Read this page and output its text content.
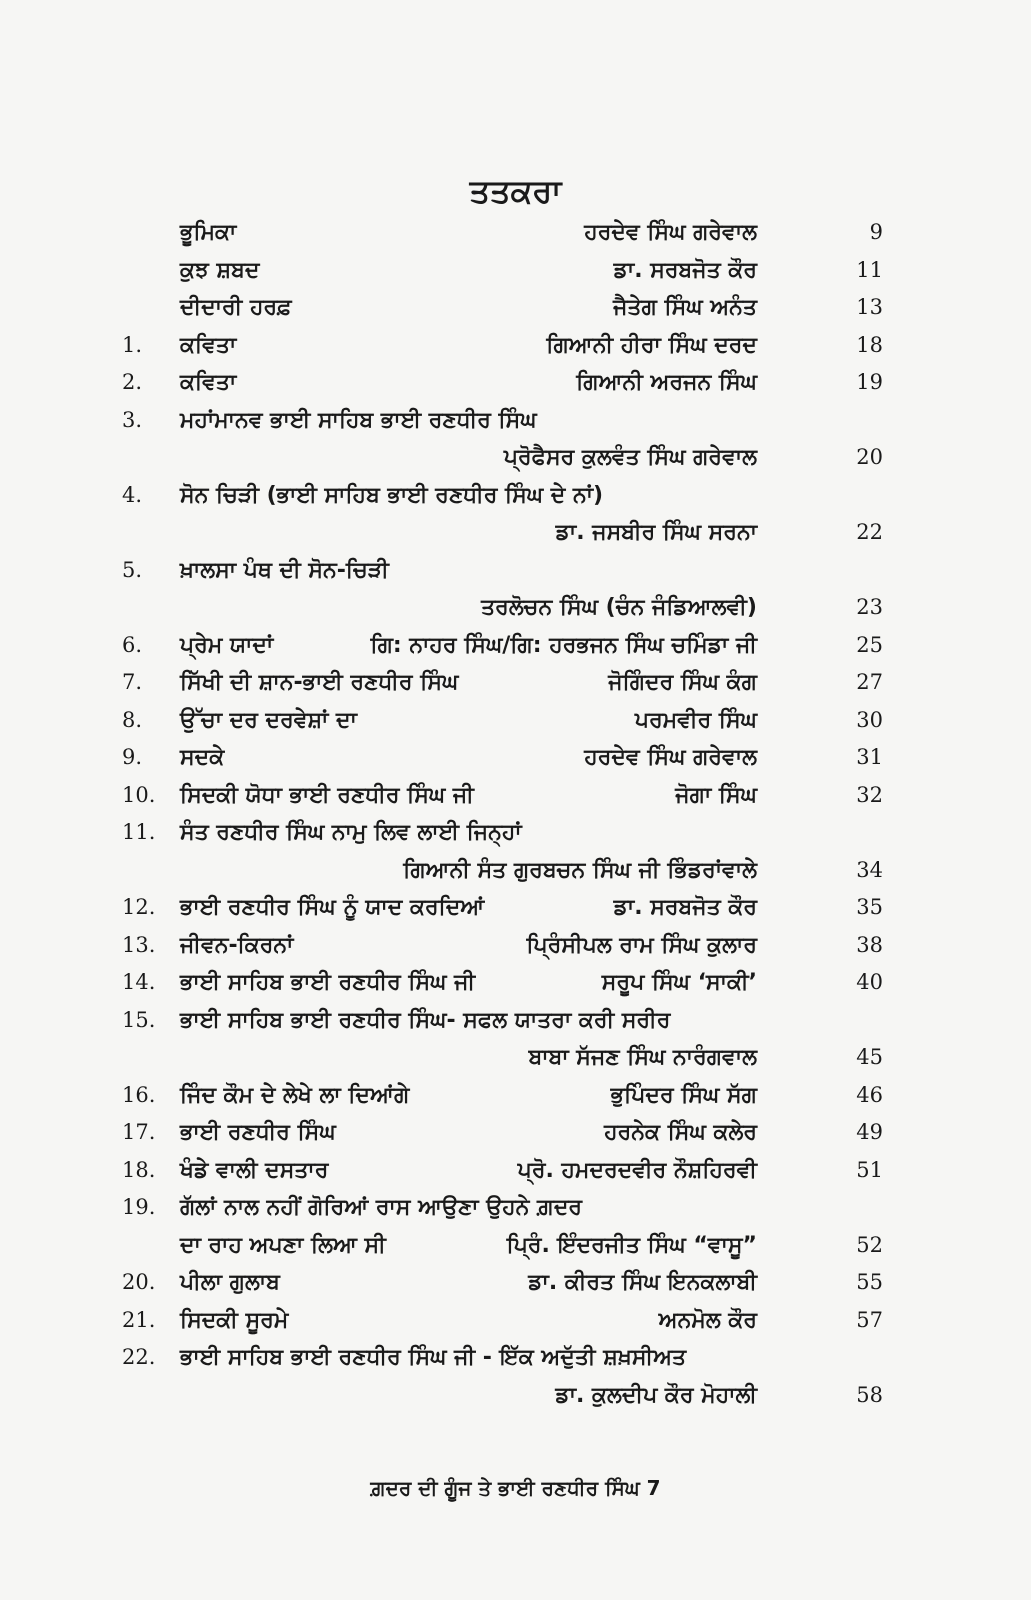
ਤਤਕਰਾ
ਭੂਮਿਕਾ	ਹਰਦੇਵ ਸਿੰਘ ਗਰੇਵਾਲ	9
ਕੁਝ ਸ਼ਬਦ	ਡਾ. ਸਰਬਜੋਤ ਕੌਰ	11
ਦੀਦਾਰੀ ਹਰਫ਼	ਜੈਤੇਗ ਸਿੰਘ ਅਨੰਤ	13
1. ਕਵਿਤਾ	ਗਿਆਨੀ ਹੀਰਾ ਸਿੰਘ ਦਰਦ	18
2. ਕਵਿਤਾ	ਗਿਆਨੀ ਅਰਜਨ ਸਿੰਘ	19
3. ਮਹਾਂਮਾਨਵ ਭਾਈ ਸਾਹਿਬ ਭਾਈ ਰਣਧੀਰ ਸਿੰਘ
ਪ੍ਰੋਫੈਸਰ ਕੁਲਵੰਤ ਸਿੰਘ ਗਰੇਵਾਲ	20
4. ਸੋਨ ਚਿੜੀ (ਭਾਈ ਸਾਹਿਬ ਭਾਈ ਰਣਧੀਰ ਸਿੰਘ ਦੇ ਨਾਂ)
ਡਾ. ਜਸਬੀਰ ਸਿੰਘ ਸਰਨਾ	22
5. ਖ਼ਾਲਸਾ ਪੰਥ ਦੀ ਸੋਨ-ਚਿੜੀ
ਤਰਲੋਚਨ ਸਿੰਘ (ਚੰਨ ਜੰਡਿਆਲਵੀ)	23
6. ਪ੍ਰੇਮ ਯਾਦਾਂ	ਗਿ: ਨਾਹਰ ਸਿੰਘ/ਗਿ: ਹਰਭਜਨ ਸਿੰਘ ਚਮਿੰਡਾ ਜੀ	25
7. ਸਿੱਖੀ ਦੀ ਸ਼ਾਨ-ਭਾਈ ਰਣਧੀਰ ਸਿੰਘ	ਜੋਗਿੰਦਰ ਸਿੰਘ ਕੰਗ	27
8. ਉੱਚਾ ਦਰ ਦਰਵੇਸ਼ਾਂ ਦਾ	ਪਰਮਵੀਰ ਸਿੰਘ	30
9. ਸਦਕੇ	ਹਰਦੇਵ ਸਿੰਘ ਗਰੇਵਾਲ	31
10. ਸਿਦਕੀ ਯੋਧਾ ਭਾਈ ਰਣਧੀਰ ਸਿੰਘ ਜੀ	ਜੋਗਾ ਸਿੰਘ	32
11. ਸੰਤ ਰਣਧੀਰ ਸਿੰਘ ਨਾਮੁ ਲਿਵ ਲਾਈ ਜਿਨ੍ਹਾਂ
ਗਿਆਨੀ ਸੰਤ ਗੁਰਬਚਨ ਸਿੰਘ ਜੀ ਭਿੰਡਰਾਂਵਾਲੇ	34
12. ਭਾਈ ਰਣਧੀਰ ਸਿੰਘ ਨੂੰ ਯਾਦ ਕਰਦਿਆਂ	ਡਾ. ਸਰਬਜੋਤ ਕੌਰ	35
13. ਜੀਵਨ-ਕਿਰਨਾਂ	ਪ੍ਰਿੰਸੀਪਲ ਰਾਮ ਸਿੰਘ ਕੁਲਾਰ	38
14. ਭਾਈ ਸਾਹਿਬ ਭਾਈ ਰਣਧੀਰ ਸਿੰਘ ਜੀ	ਸਰੂਪ ਸਿੰਘ ‘ਸਾਕੀ’	40
15. ਭਾਈ ਸਾਹਿਬ ਭਾਈ ਰਣਧੀਰ ਸਿੰਘ- ਸਫਲ ਯਾਤਰਾ ਕਰੀ ਸਰੀਰ
ਬਾਬਾ ਸੱਜਣ ਸਿੰਘ ਨਾਰੰਗਵਾਲ	45
16. ਜਿੰਦ ਕੌਮ ਦੇ ਲੇਖੇ ਲਾ ਦਿਆਂਗੇ	ਭੁਪਿੰਦਰ ਸਿੰਘ ਸੱਗ	46
17. ਭਾਈ ਰਣਧੀਰ ਸਿੰਘ	ਹਰਨੇਕ ਸਿੰਘ ਕਲੇਰ	49
18. ਖੰਡੇ ਵਾਲੀ ਦਸਤਾਰ	ਪ੍ਰੋ. ਹਮਦਰਦਵੀਰ ਨੌਸ਼ਹਿਰਵੀ	51
19. ਗੱਲਾਂ ਨਾਲ ਨਹੀਂ ਗੋਰਿਆਂ ਰਾਸ ਆਉਣਾ ਉਹਨੇ ਗ਼ਦਰ
ਦਾ ਰਾਹ ਅਪਣਾ ਲਿਆ ਸੀ	ਪ੍ਰਿੰ. ਇੰਦਰਜੀਤ ਸਿੰਘ “ਵਾਸੂ”	52
20. ਪੀਲਾ ਗੁਲਾਬ	ਡਾ. ਕੀਰਤ ਸਿੰਘ ਇਨਕਲਾਬੀ	55
21. ਸਿਦਕੀ ਸੂਰਮੇ	ਅਨਮੋਲ ਕੌਰ	57
22. ਭਾਈ ਸਾਹਿਬ ਭਾਈ ਰਣਧੀਰ ਸਿੰਘ ਜੀ - ਇੱਕ ਅਦੁੱਤੀ ਸ਼ਖ਼ਸੀਅਤ
ਡਾ. ਕੁਲਦੀਪ ਕੌਰ ਮੋਹਾਲੀ	58
ਗ਼ਦਰ ਦੀ ਗੂੰਜ ਤੇ ਭਾਈ ਰਣਧੀਰ ਸਿੰਘ 7
